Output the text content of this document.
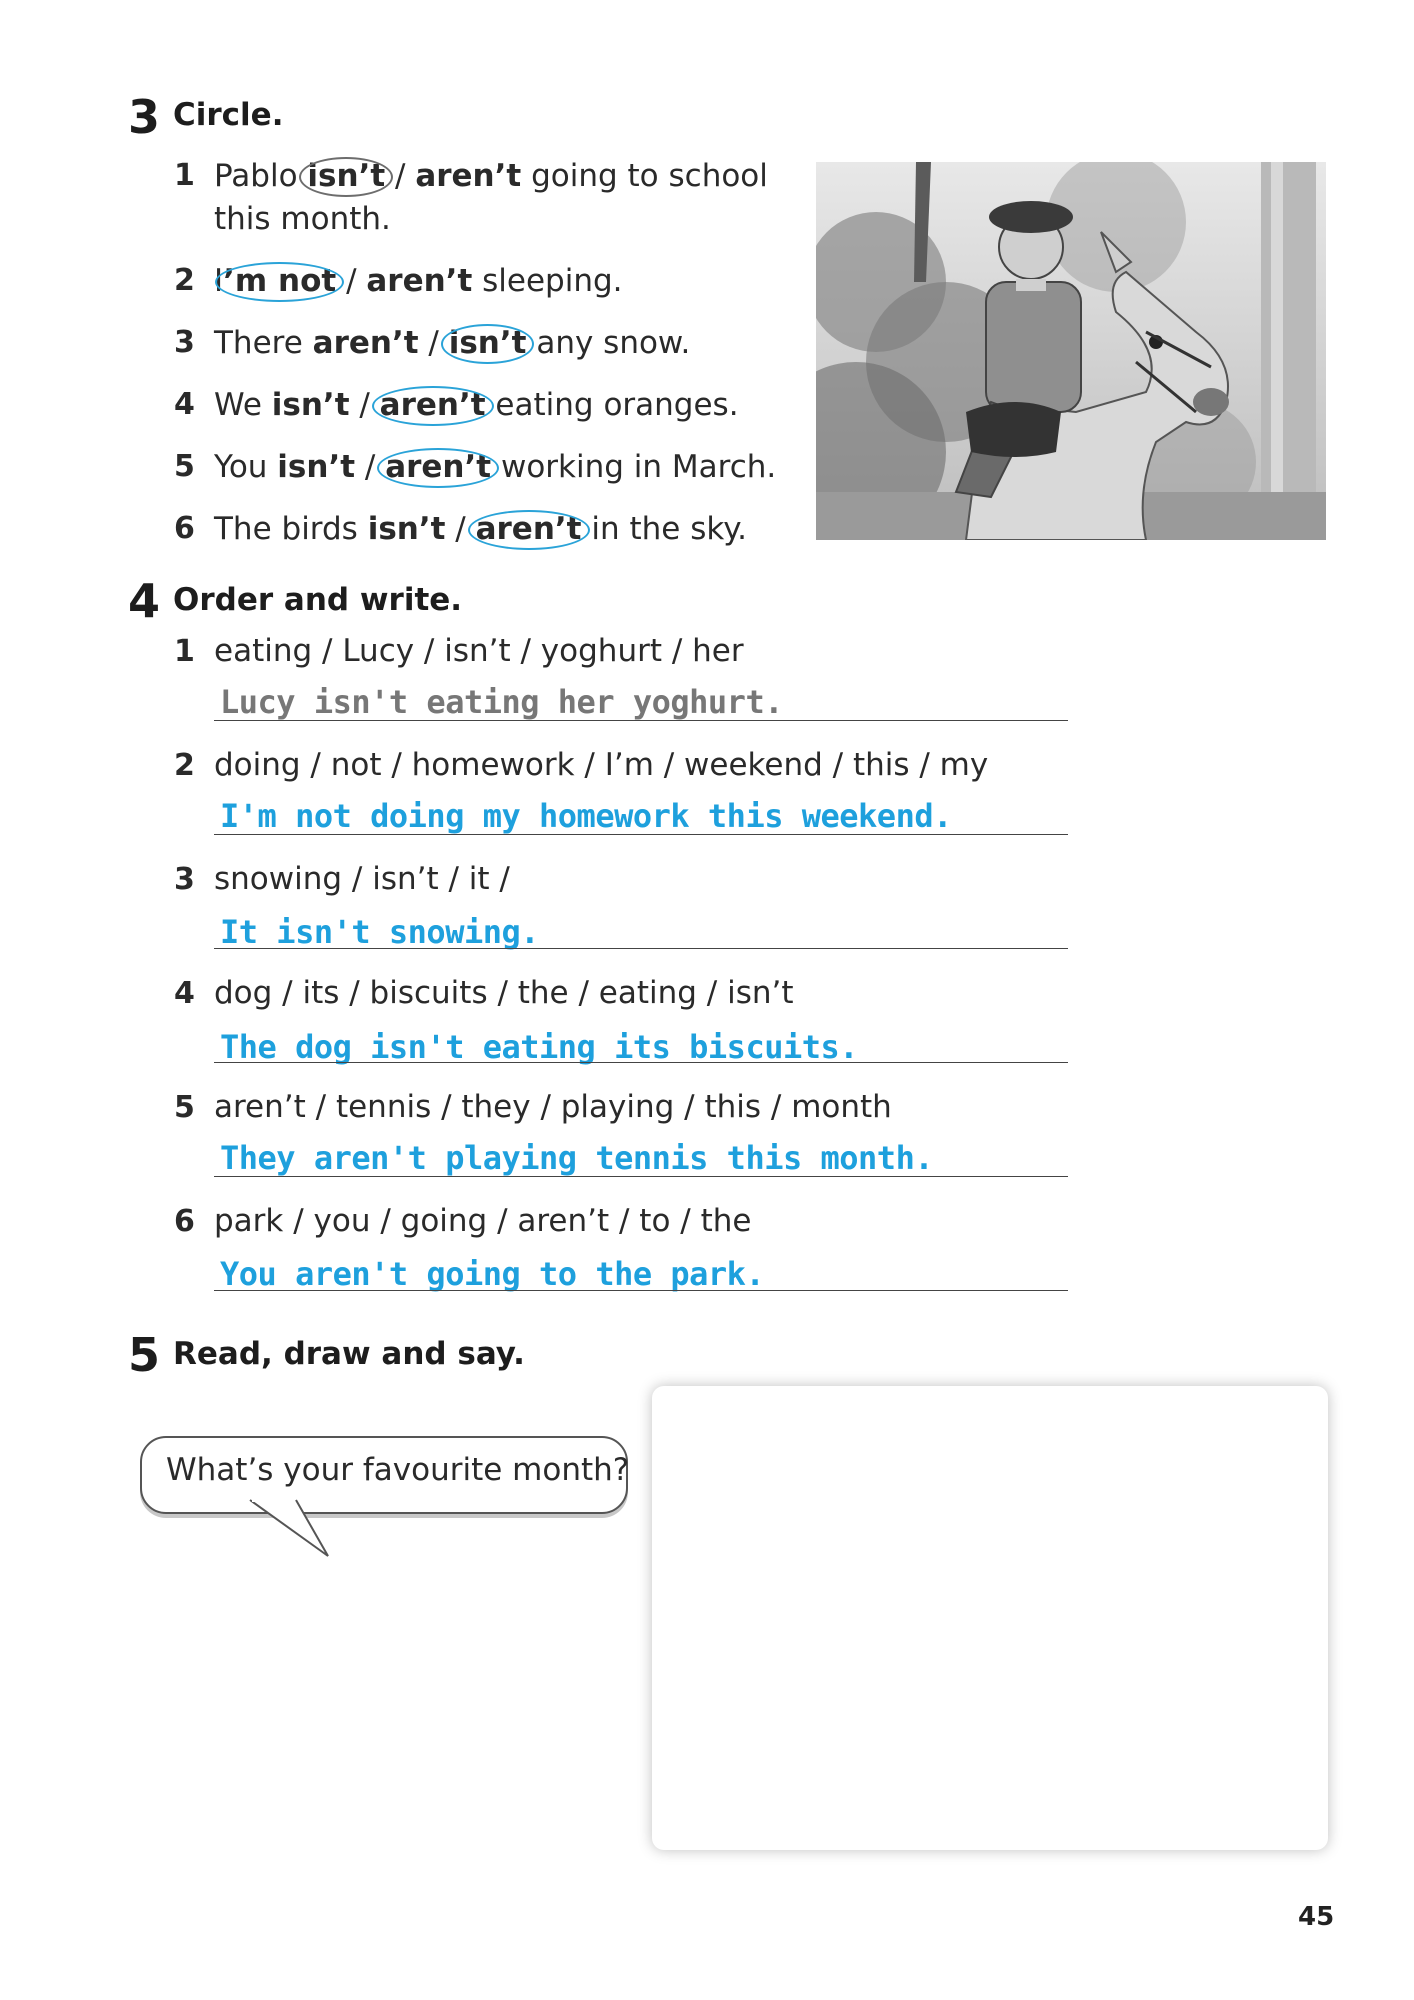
3 Circle.
1 Pablo isn’t
/ aren’t going to school
this month.
2 I’m not
/ aren’t sleeping.
3 There aren’t / isn’t
any snow.
4 We isn’t / aren’t
eating oranges.
5 You isn’t / aren’t
working in March.
6 The birds isn’t / aren’t
in the sky.
4 Order and write.
1 eating / Lucy / isn’t / yoghurt / her
Lucy isn't eating her yoghurt.
2 doing / not / homework / I’m / weekend / this / my
I'm not doing my homework this weekend.
3 snowing / isn’t / it /
It isn't snowing.
4 dog / its / biscuits / the / eating / isn’t
The dog isn't eating its biscuits.
5 aren’t / tennis / they / playing / this / month
They aren't playing tennis this month.
6 park / you / going / aren’t / to / the
You aren't going to the park.
5 Read, draw and say.
What’s your favourite month?
45
